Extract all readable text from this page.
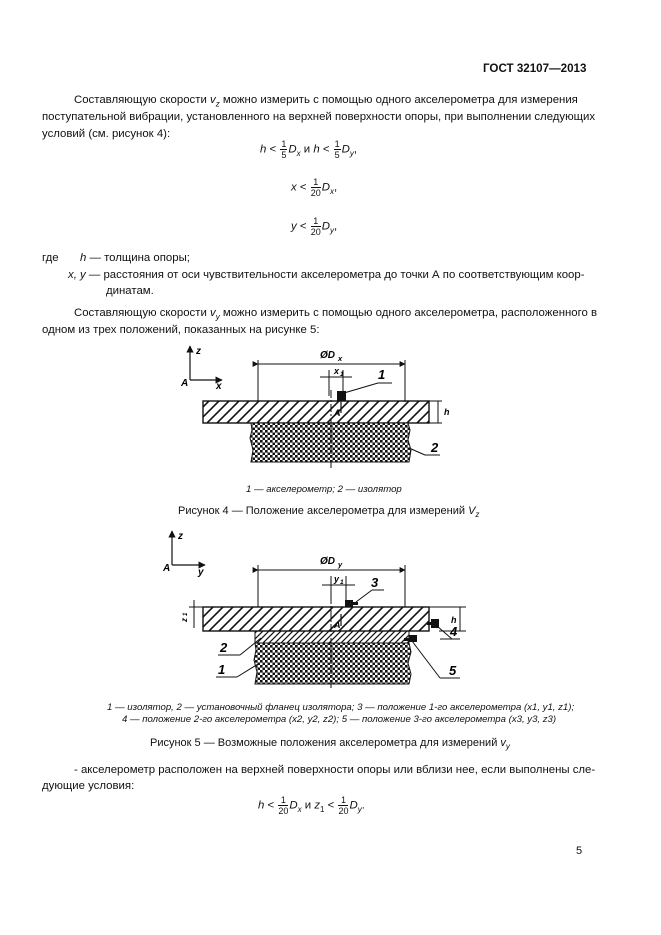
ГОСТ 32107—2013
Составляющую скорости $v_z$ можно измерить с помощью одного акселерометра для измерения
поступательной вибрации, установленного на верхней поверхности опоры, при выполнении следующих
условий (см. рисунок 4):
$h < \frac{1}{5} D_x$ и $h < \frac{1}{5} D_y$,
$x < \frac{1}{20} D_x$,
$y < \frac{1}{20} D_y$,
где h — толщина опоры;
x, y — расстояния от оси чувствительности акселерометра до точки А по соответствующим коор-
динатам.
Составляющую скорости $v_y$ можно измерить с помощью одного акселерометра, расположенного в
одном из трех положений, показанных на рисунке 5:
z
x
A
ØD x
x 1
A	h
1
2
z
y
A
ØD y
y 1
A
z
1
h
3
4
5
2
1
1 — акселерометр; 2 — изолятор
Рисунок 4 — Положение акселерометра для измерений $V_z$
1 — изолятор, 2 — установочный фланец изолятора; 3 — положение 1-го акселерометра (x1, y1, z1);
4 — положение 2-го акселерометра (x2, y2, z2); 5 — положение 3-го акселерометра (x3, y3, z3)
Рисунок 5 — Возможные положения акселерометра для измерений $v_y$
- акселерометр расположен на верхней поверхности опоры или вблизи нее, если выполнены сле-
дующие условия:
$h < \frac{1}{20} D_x$ и $z_1 < \frac{1}{20} D_y$.
5
